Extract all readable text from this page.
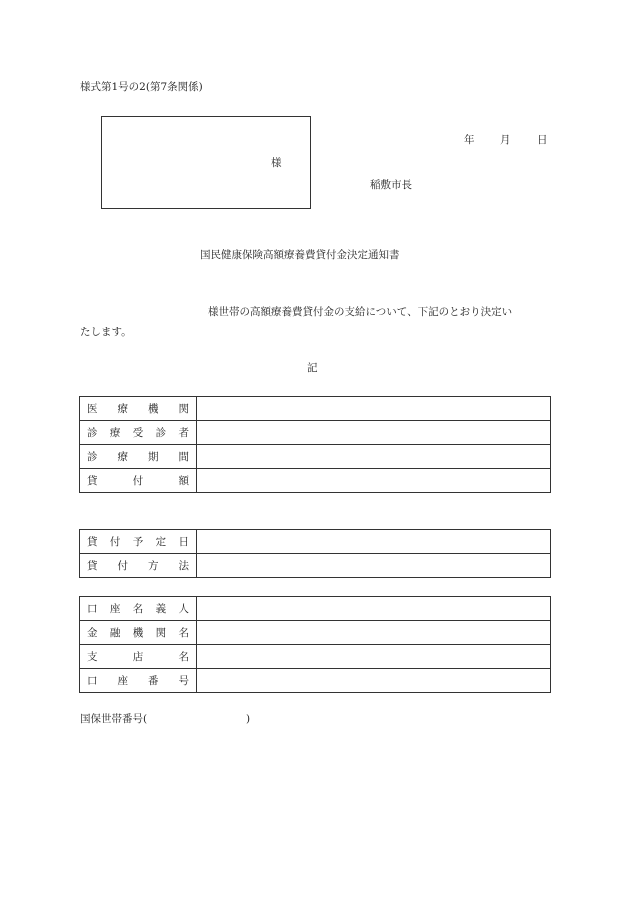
様式第1号の2(第7条関係)
様
年 月	日
稲敷市長
国民健康保険高額療養費貸付金決定通知書
様世帯の高額療養費貸付金の支給について、下記のとおり決定い
たします。
記
医 療 機 関	

診 療 受 診 者	

診 療 期 間	

貸 付 額	

貸 付 予 定 日	

貸 付 方 法	

口 座 名 義 人	

金 融 機 関 名	

支 店 名	

口 座 番 号	

国保世帯番号(	)
